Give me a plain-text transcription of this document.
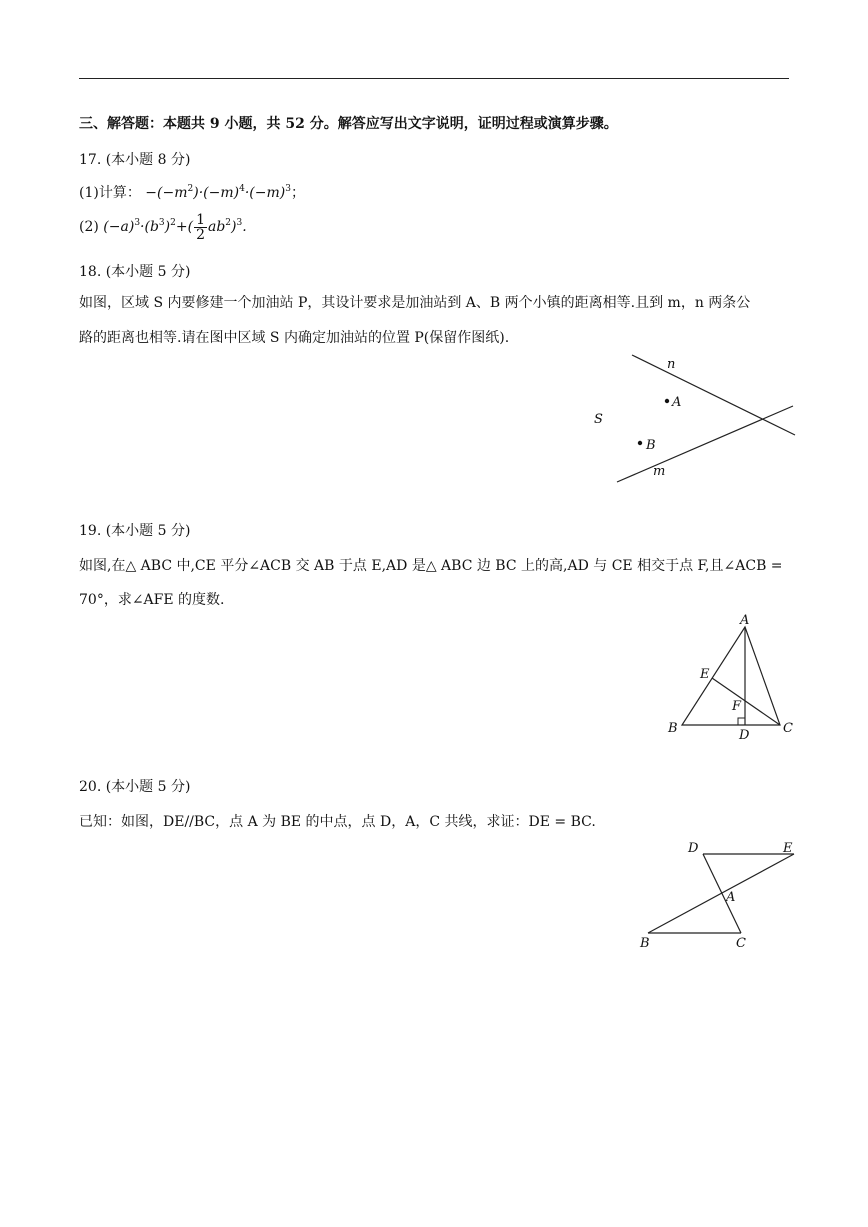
三、解答题：本题共 9 小题，共 52 分。解答应写出文字说明，证明过程或演算步骤。
17. (本小题 8 分)
(1)计算： $-(-m^2)\cdot(-m)^4\cdot(-m)^3$；
(2) $(-a)^3\cdot(b^3)^2+( \frac{1}{2} ab^2)^3$.
18. (本小题 5 分)
如图，区域 S 内要修建一个加油站 P，其设计要求是加油站到 A、B 两个小镇的距离相等.且到 m，n 两条公
路的距离也相等.请在图中区域 S 内确定加油站的位置 P(保留作图纸).
n
A
S
B
m
19. (本小题 5 分)
如图,在△ ABC 中,CE 平分∠ACB 交 AB 于点 E,AD 是△ ABC 边 BC 上的高,AD 与 CE 相交于点 F,且∠ACB =
70°，求∠AFE 的度数.
A
E
F
B	D	C
20. (本小题 5 分)
已知：如图，DE//BC，点 A 为 BE 的中点，点 D，A，C 共线，求证：DE = BC.
D	E
A
B	C
